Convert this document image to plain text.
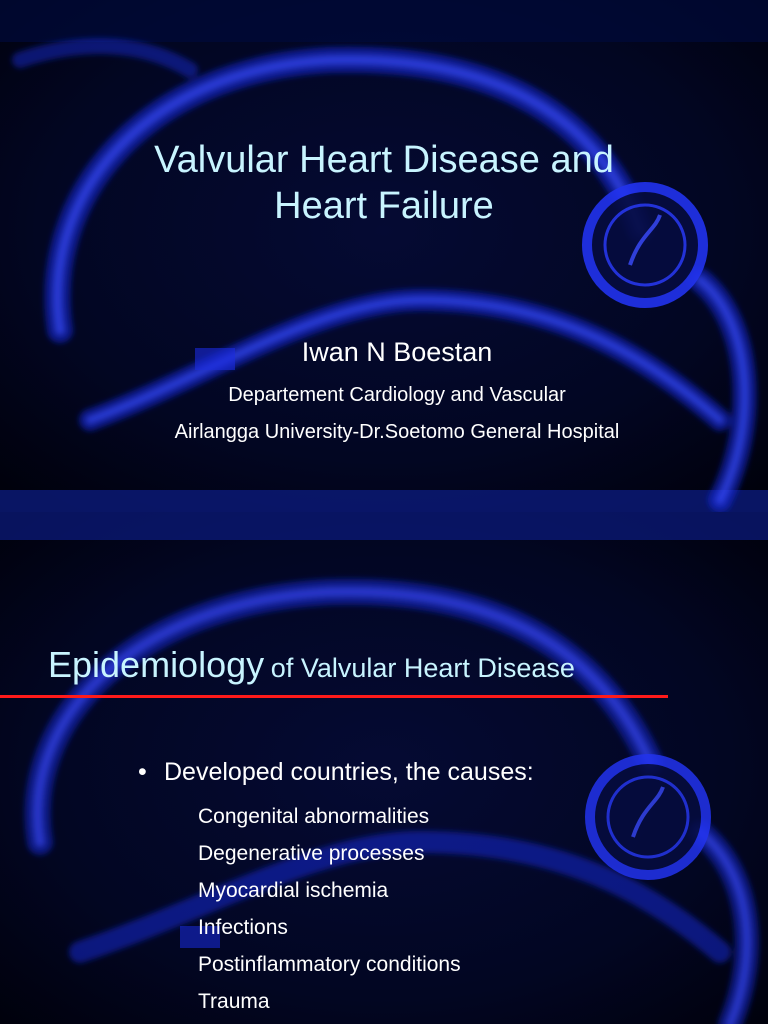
Valvular Heart Disease and
Heart Failure
Iwan N Boestan
Departement Cardiology and Vascular
Airlangga University-Dr.Soetomo General Hospital
Epidemiology of Valvular Heart Disease
• Developed countries, the causes:
Congenital abnormalities
Degenerative processes
Myocardial ischemia
Infections
Postinflammatory conditions
Trauma
